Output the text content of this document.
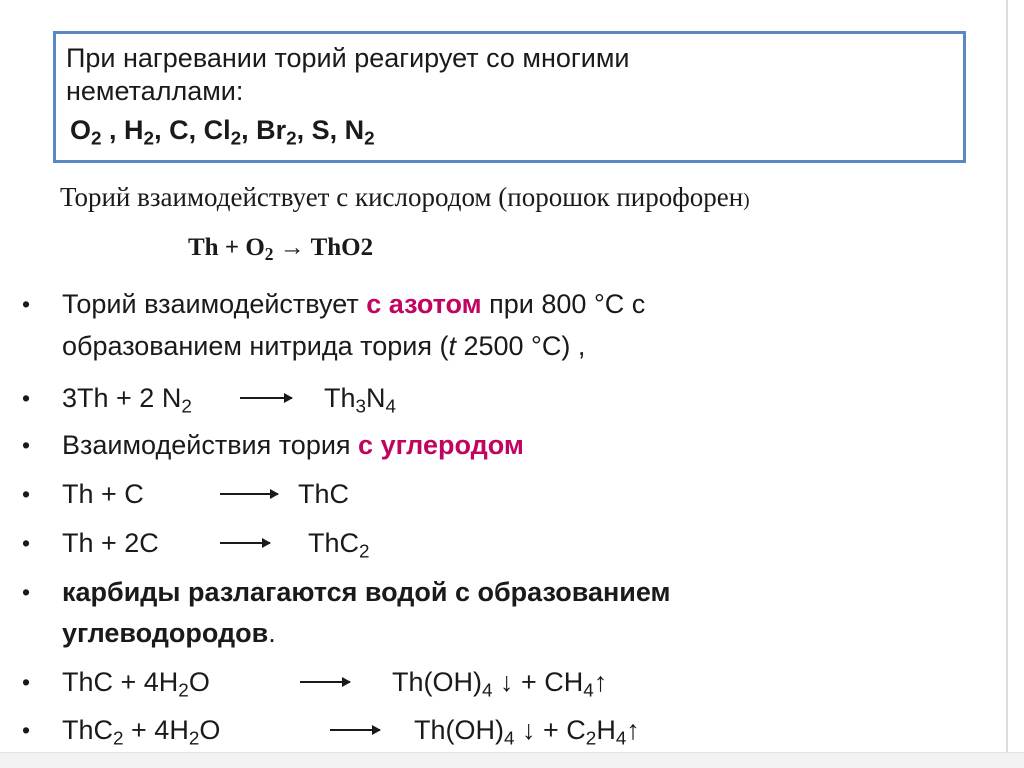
При нагревании торий реагирует со многими
неметаллами:
$O_2$ , $H_2$, C, $Cl_2$, $Br_2$, S, $N_2$
Торий взаимодействует с кислородом (порошок пирофорен)
$Th + O_2 \to ThO2$
• Торий взаимодействует с азотом при 800 °С с
образованием нитрида тория (t 2500 °С) ,
• 3Th + 2 $N_2 \to Th_3N_4$
• Взаимодействия тория с углеродом
• Th + C	→ ThC
• Th + 2C → ThC$_2$
• карбиды разлагаются водой с образованием
углеводородов.
• ThC + $4H_2O$	$Th(OH)_4$ ↓ + $CH_4↑$
• $ThC_2 + 4H_2O$	→ $Th(OH)_4$ ↓ + $C_2H_4↑$
